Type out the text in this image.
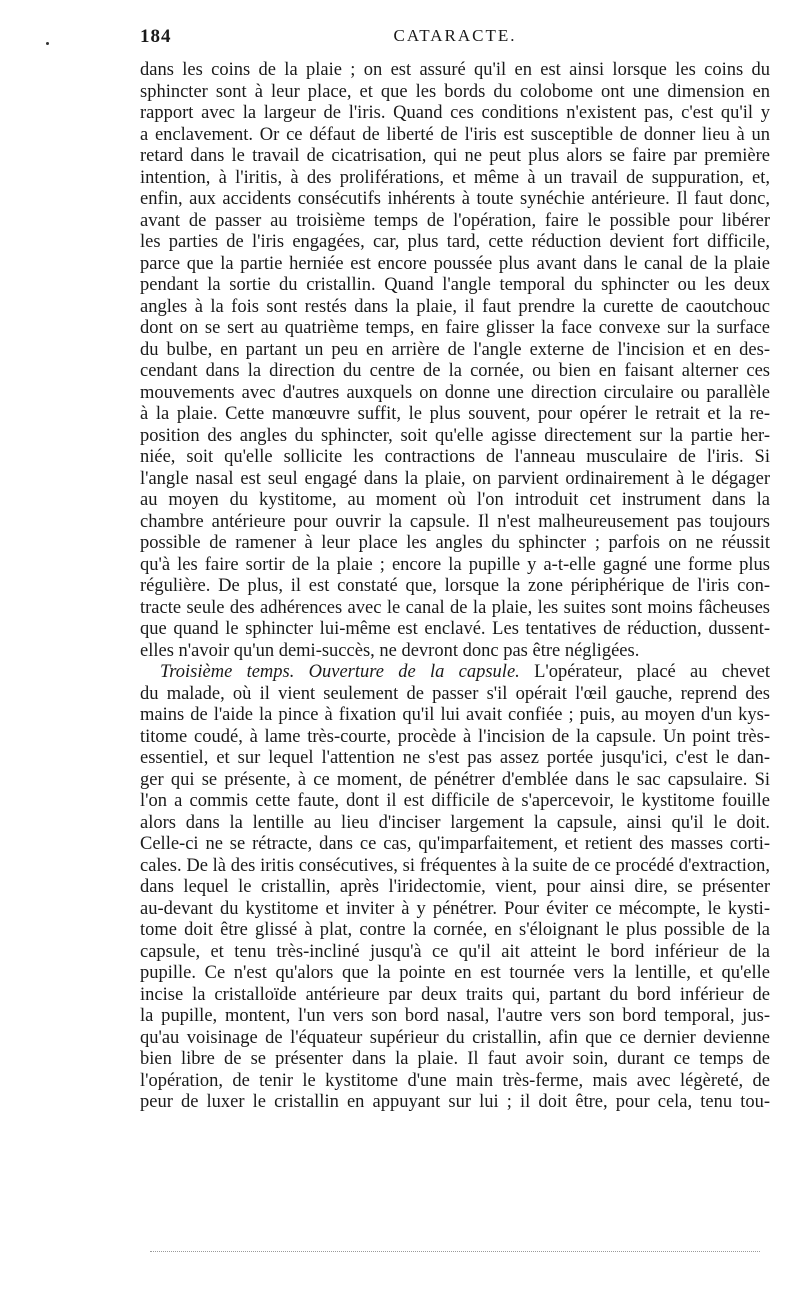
184	CATARACTE.
dans les coins de la plaie ; on est assuré qu'il en est ainsi lorsque les coins du
sphincter sont à leur place, et que les bords du colobome ont une dimension en
rapport avec la largeur de l'iris. Quand ces conditions n'existent pas, c'est qu'il y
a enclavement. Or ce défaut de liberté de l'iris est susceptible de donner lieu à un
retard dans le travail de cicatrisation, qui ne peut plus alors se faire par première
intention, à l'iritis, à des proliférations, et même à un travail de suppuration, et,
enfin, aux accidents consécutifs inhérents à toute synéchie antérieure. Il faut donc,
avant de passer au troisième temps de l'opération, faire le possible pour libérer
les parties de l'iris engagées, car, plus tard, cette réduction devient fort difficile,
parce que la partie herniée est encore poussée plus avant dans le canal de la plaie
pendant la sortie du cristallin. Quand l'angle temporal du sphincter ou les deux
angles à la fois sont restés dans la plaie, il faut prendre la curette de caoutchouc
dont on se sert au quatrième temps, en faire glisser la face convexe sur la surface
du bulbe, en partant un peu en arrière de l'angle externe de l'incision et en des-
cendant dans la direction du centre de la cornée, ou bien en faisant alterner ces
mouvements avec d'autres auxquels on donne une direction circulaire ou parallèle
à la plaie. Cette manœuvre suffit, le plus souvent, pour opérer le retrait et la re-
position des angles du sphincter, soit qu'elle agisse directement sur la partie her-
niée, soit qu'elle sollicite les contractions de l'anneau musculaire de l'iris. Si
l'angle nasal est seul engagé dans la plaie, on parvient ordinairement à le dégager
au moyen du kystitome, au moment où l'on introduit cet instrument dans la
chambre antérieure pour ouvrir la capsule. Il n'est malheureusement pas toujours
possible de ramener à leur place les angles du sphincter ; parfois on ne réussit
qu'à les faire sortir de la plaie ; encore la pupille y a-t-elle gagné une forme plus
régulière. De plus, il est constaté que, lorsque la zone périphérique de l'iris con-
tracte seule des adhérences avec le canal de la plaie, les suites sont moins fâcheuses
que quand le sphincter lui-même est enclavé. Les tentatives de réduction, dussent-
elles n'avoir qu'un demi-succès, ne devront donc pas être négligées.
Troisième temps. Ouverture de la capsule. L'opérateur, placé au chevet
du malade, où il vient seulement de passer s'il opérait l'œil gauche, reprend des
mains de l'aide la pince à fixation qu'il lui avait confiée ; puis, au moyen d'un kys-
titome coudé, à lame très-courte, procède à l'incision de la capsule. Un point très-
essentiel, et sur lequel l'attention ne s'est pas assez portée jusqu'ici, c'est le dan-
ger qui se présente, à ce moment, de pénétrer d'emblée dans le sac capsulaire. Si
l'on a commis cette faute, dont il est difficile de s'apercevoir, le kystitome fouille
alors dans la lentille au lieu d'inciser largement la capsule, ainsi qu'il le doit.
Celle-ci ne se rétracte, dans ce cas, qu'imparfaitement, et retient des masses corti-
cales. De là des iritis consécutives, si fréquentes à la suite de ce procédé d'extraction,
dans lequel le cristallin, après l'iridectomie, vient, pour ainsi dire, se présenter
au-devant du kystitome et inviter à y pénétrer. Pour éviter ce mécompte, le kysti-
tome doit être glissé à plat, contre la cornée, en s'éloignant le plus possible de la
capsule, et tenu très-incliné jusqu'à ce qu'il ait atteint le bord inférieur de la
pupille. Ce n'est qu'alors que la pointe en est tournée vers la lentille, et qu'elle
incise la cristalloïde antérieure par deux traits qui, partant du bord inférieur de
la pupille, montent, l'un vers son bord nasal, l'autre vers son bord temporal, jus-
qu'au voisinage de l'équateur supérieur du cristallin, afin que ce dernier devienne
bien libre de se présenter dans la plaie. Il faut avoir soin, durant ce temps de
l'opération, de tenir le kystitome d'une main très-ferme, mais avec légèreté, de
peur de luxer le cristallin en appuyant sur lui ; il doit être, pour cela, tenu tou-
